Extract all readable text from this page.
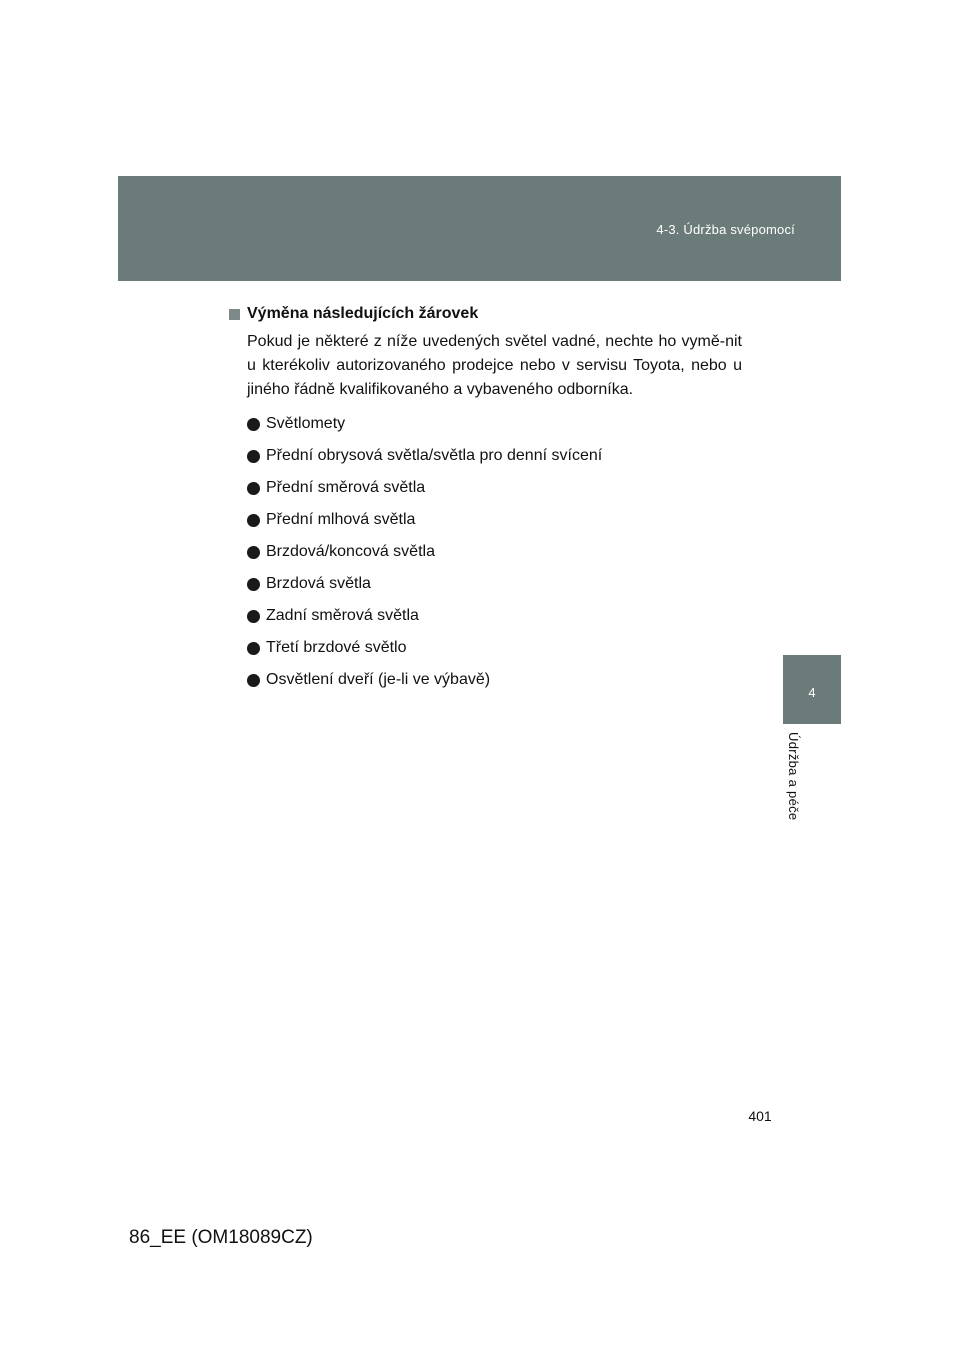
4-3. Údržba svépomocí
4
Údržba a péče
Výměna následujících žárovek

Pokud je některé z níže uvedených světel vadné, nechte ho vymě-nit u kterékoliv autorizovaného prodejce nebo v servisu Toyota, nebo u jiného řádně kvalifikovaného a vybaveného odborníka.

Světlomety
Přední obrysová světla/světla pro denní svícení
Přední směrová světla
Přední mlhová světla
Brzdová/koncová světla
Brzdová světla
Zadní směrová světla
Třetí brzdové světlo
Osvětlení dveří (je-li ve výbavě)
401
86_EE (OM18089CZ)
